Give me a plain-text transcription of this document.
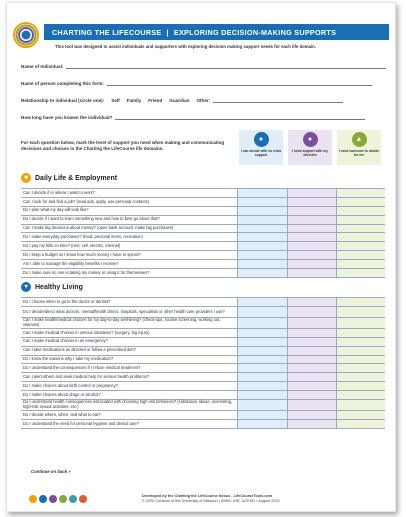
CHARTING THE LIFECOURSE | EXPLORING DECISION-MAKING SUPPORTS
This tool was designed to assist individuals and supporters with exploring decision making support needs for each life domain.
Name of Individual:
Name of person completing this form:
Relationship to individual (circle one): Self Family Friend Guardian Other:
How long have you known the individual?
For each question below, mark the level of support you need when making and communicating decisions and choices in the Charting the LifeCourse life domains.
●
I can decide with no extra support
●
I need support with my decision
▲
I need someone to decide for me
■	Daily Life & Employment
Can I decide if or where I want to work?
Can I look for and find a job? (read ads, apply, use personal contacts)
Do I plan what my day will look like?
Do I decide if I want to learn something new and how to best go about that?
Can I make big decisions about money? (open bank account, make big purchases)
Do I make everyday purchases? (food, personal items, recreation)
Do I pay my bills on time? (rent, cell, electric, internet)
Do I keep a budget so I know how much money I have to spend?
Am I able to manage the eligibility benefits I receive?
Do I make sure no one is taking my money or using it for themselves?
♥	Healthy Living
Do I choose when to go to the doctor or dentist?
Do I decide/direct what doctors, mental/health clinics, hospitals, specialists or other health care providers I use?
Can I make health/medical choices for my day-to-day well-being? (check-ups, routine screening, working out, vitamins)
Can I make medical choices in serious situations? (surgery, big injury)
Can I make medical choices in an emergency?
Can I take medications as directed or follow a prescribed diet?
Do I know the reasons why I take my medication?
Do I understand the consequences if I refuse medical treatment?
Can I alert others and seek medical help for serious health problems?
Do I make choices about birth control or pregnancy?
Do I make choices about drugs or alcohol?
Do I understand health consequences associated with choosing high risk behaviors? (substance abuse, overeating, high-risk sexual activities, etc.)
Do I decide where, when, and what to eat?
Do I understand the need for personal hygiene and dental care?
Continue on back »
Developed by the Charting the LifeCourse Nexus - LifeCourseTools.com
© 2020 Curators of the University of Missouri | UMKC IHD, UCEDD • August 2020
